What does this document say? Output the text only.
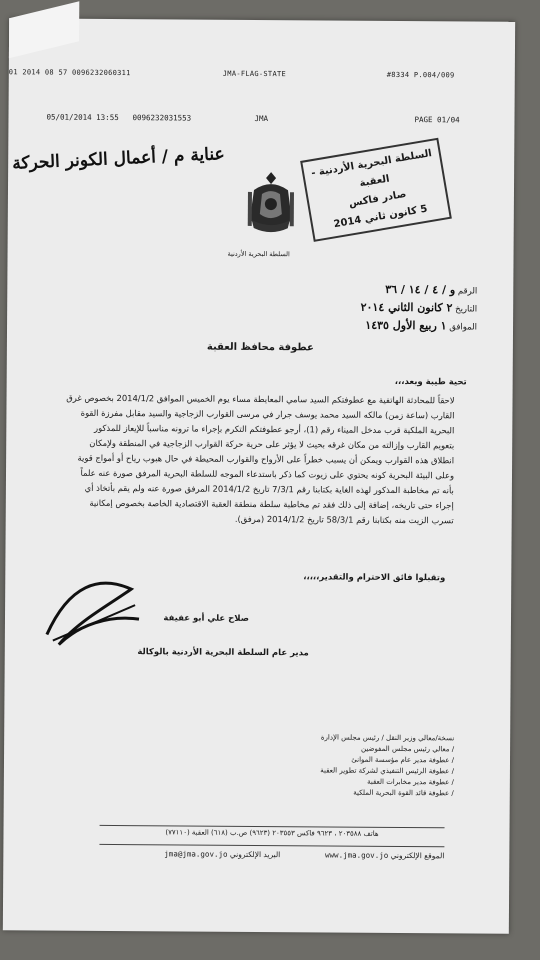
01 2014 08 57 0096232060311	JMA-FLAG-STATE	#8334 P.004/009
05/01/2014 13:55 0096232031553	JMA	PAGE 01/04
عناية م / أعمال الكونر الحركة
السلطة البحرية الأردنية
السلطة البحرية الأردنية - العقبة
صادر فاكس
5 كانون ثاني 2014
الرقم و / ٤ / ١٤ / ٣٦
التاريخ ٢ كانون الثاني ٢٠١٤
الموافق ١ ربيع الأول ١٤٣٥
عطوفة محافظ العقبة
تحية طيبة وبعد،،،
لاحقاً للمحادثة الهاتفية مع عطوفتكم السيد سامي المعايطة مساء يوم الخميس الموافق 2014/1/2 بخصوص غرق
القارب (ساعة زمن) مالكه السيد محمد يوسف جرار في مرسى القوارب الزجاجية والسيد مقابل مفرزة القوة
البحرية الملكية قرب مدخل الميناء رقم (1)، أرجو عطوفتكم التكرم بإجراء ما ترونه مناسباً للإيعاز للمذكور
بتعويم القارب وإزالته من مكان غرقه بحيث لا يؤثر على حرية حركة القوارب الزجاجية في المنطقة ولإمكان
انطلاق هذه القوارب ويمكن أن يسبب خطراً على الأرواح والقوارب المحيطة في حال هبوب رياح أو أمواج قوية
وعلى البيئة البحرية كونه يحتوي على زيوت كما ذكر باستدعاء الموجه للسلطة البحرية المرفق صورة عنه علماً
بأنه تم مخاطبة المذكور لهذه الغاية بكتابنا رقم 7/3/1 تاريخ 2014/1/2 المرفق صورة عنه ولم يقم بأتخاذ أي
إجراء حتى تاريخه، إضافة إلى ذلك فقد تم مخاطبة سلطة منطقة العقبة الاقتصادية الخاصة بخصوص إمكانية
تسرب الزيت منه بكتابنا رقم 58/3/1 تاريخ 2014/1/2 (مرفق).
وتقبلوا فائق الاحترام والتقدير،،،،،
صلاح علي أبو عفيفة
مدير عام السلطة البحرية الأردنية بالوكالة
نسخة/معالي وزير النقل / رئيس مجلس الإدارة
/ معالي رئيس مجلس المفوضين
/ عطوفة مدير عام مؤسسة الموانئ
/ عطوفة الرئيس التنفيذي لشركة تطوير العقبة
/ عطوفة مدير مخابرات العقبة
/ عطوفة قائد القوة البحرية الملكية
هاتف ٢٠٣٥٨٨ ، ٩٦٢٣ فاكس ٢٠٣٥٥٣ (٩٦٢٣) ص.ب (٦١٨) العقبة (٧٧١١٠)
الموقع الإلكتروني www.jma.gov.jo  البريد الإلكتروني jma@jma.gov.jo
